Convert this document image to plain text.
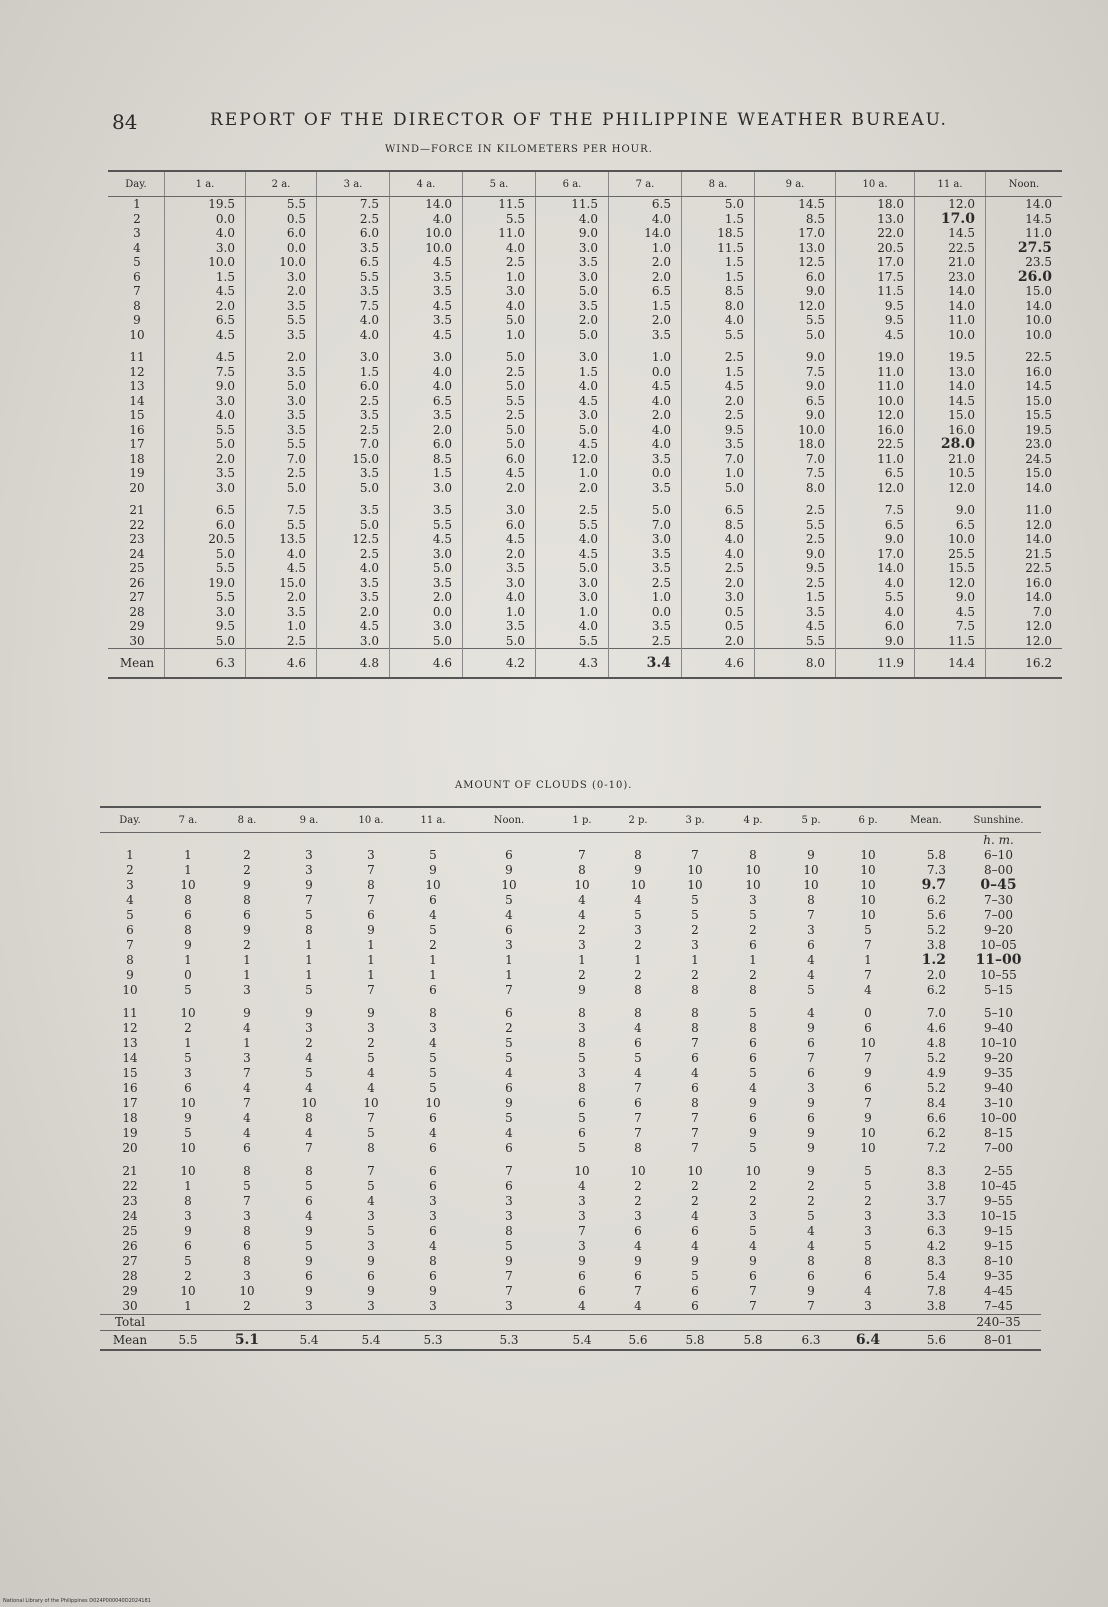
84	REPORT OF THE DIRECTOR OF THE PHILIPPINE WEATHER BUREAU.
WIND—FORCE IN KILOMETERS PER HOUR.
Day.	1 a.	2 a.	3 a.	4 a.	5 a.	6 a.	7 a.	8 a.	9 a.	10 a.	11 a.	Noon.
1	19.5	5.5	7.5	14.0	11.5	11.5	6.5	5.0	14.5	18.0	12.0	14.0
2	0.0	0.5	2.5	4.0	5.5	4.0	4.0	1.5	8.5	13.0	17.0	14.5
3	4.0	6.0	6.0	10.0	11.0	9.0	14.0	18.5	17.0	22.0	14.5	11.0
4	3.0	0.0	3.5	10.0	4.0	3.0	1.0	11.5	13.0	20.5	22.5	27.5
5	10.0	10.0	6.5	4.5	2.5	3.5	2.0	1.5	12.5	17.0	21.0	23.5
6	1.5	3.0	5.5	3.5	1.0	3.0	2.0	1.5	6.0	17.5	23.0	26.0
7	4.5	2.0	3.5	3.5	3.0	5.0	6.5	8.5	9.0	11.5	14.0	15.0
8	2.0	3.5	7.5	4.5	4.0	3.5	1.5	8.0	12.0	9.5	14.0	14.0
9	6.5	5.5	4.0	3.5	5.0	2.0	2.0	4.0	5.5	9.5	11.0	10.0
10	4.5	3.5	4.0	4.5	1.0	5.0	3.5	5.5	5.0	4.5	10.0	10.0
11	4.5	2.0	3.0	3.0	5.0	3.0	1.0	2.5	9.0	19.0	19.5	22.5
12	7.5	3.5	1.5	4.0	2.5	1.5	0.0	1.5	7.5	11.0	13.0	16.0
13	9.0	5.0	6.0	4.0	5.0	4.0	4.5	4.5	9.0	11.0	14.0	14.5
14	3.0	3.0	2.5	6.5	5.5	4.5	4.0	2.0	6.5	10.0	14.5	15.0
15	4.0	3.5	3.5	3.5	2.5	3.0	2.0	2.5	9.0	12.0	15.0	15.5
16	5.5	3.5	2.5	2.0	5.0	5.0	4.0	9.5	10.0	16.0	16.0	19.5
17	5.0	5.5	7.0	6.0	5.0	4.5	4.0	3.5	18.0	22.5	28.0	23.0
18	2.0	7.0	15.0	8.5	6.0	12.0	3.5	7.0	7.0	11.0	21.0	24.5
19	3.5	2.5	3.5	1.5	4.5	1.0	0.0	1.0	7.5	6.5	10.5	15.0
20	3.0	5.0	5.0	3.0	2.0	2.0	3.5	5.0	8.0	12.0	12.0	14.0
21	6.5	7.5	3.5	3.5	3.0	2.5	5.0	6.5	2.5	7.5	9.0	11.0
22	6.0	5.5	5.0	5.5	6.0	5.5	7.0	8.5	5.5	6.5	6.5	12.0
23	20.5	13.5	12.5	4.5	4.5	4.0	3.0	4.0	2.5	9.0	10.0	14.0
24	5.0	4.0	2.5	3.0	2.0	4.5	3.5	4.0	9.0	17.0	25.5	21.5
25	5.5	4.5	4.0	5.0	3.5	5.0	3.5	2.5	9.5	14.0	15.5	22.5
26	19.0	15.0	3.5	3.5	3.0	3.0	2.5	2.0	2.5	4.0	12.0	16.0
27	5.5	2.0	3.5	2.0	4.0	3.0	1.0	3.0	1.5	5.5	9.0	14.0
28	3.0	3.5	2.0	0.0	1.0	1.0	0.0	0.5	3.5	4.0	4.5	7.0
29	9.5	1.0	4.5	3.0	3.5	4.0	3.5	0.5	4.5	6.0	7.5	12.0
30	5.0	2.5	3.0	5.0	5.0	5.5	2.5	2.0	5.5	9.0	11.5	12.0
Mean	6.3	4.6	4.8	4.6	4.2	4.3	3.4	4.6	8.0	11.9	14.4	16.2
AMOUNT OF CLOUDS (0-10).
Day.	7 a.	8 a.	9 a.	10 a.	11 a.	Noon.	1 p.	2 p.	3 p.	4 p.	5 p.	6 p.	Mean.	Sunshine.
														h. m.
1	1	2	3	3	5	6	7	8	7	8	9	10	5.8	6–10
2	1	2	3	7	9	9	8	9	10	10	10	10	7.3	8–00
3	10	9	9	8	10	10	10	10	10	10	10	10	9.7	0–45
4	8	8	7	7	6	5	4	4	5	3	8	10	6.2	7–30
5	6	6	5	6	4	4	4	5	5	5	7	10	5.6	7–00
6	8	9	8	9	5	6	2	3	2	2	3	5	5.2	9–20
7	9	2	1	1	2	3	3	2	3	6	6	7	3.8	10–05
8	1	1	1	1	1	1	1	1	1	1	4	1	1.2	11–00
9	0	1	1	1	1	1	2	2	2	2	4	7	2.0	10–55
10	5	3	5	7	6	7	9	8	8	8	5	4	6.2	5–15
11	10	9	9	9	8	6	8	8	8	5	4	0	7.0	5–10
12	2	4	3	3	3	2	3	4	8	8	9	6	4.6	9–40
13	1	1	2	2	4	5	8	6	7	6	6	10	4.8	10–10
14	5	3	4	5	5	5	5	5	6	6	7	7	5.2	9–20
15	3	7	5	4	5	4	3	4	4	5	6	9	4.9	9–35
16	6	4	4	4	5	6	8	7	6	4	3	6	5.2	9–40
17	10	7	10	10	10	9	6	6	8	9	9	7	8.4	3–10
18	9	4	8	7	6	5	5	7	7	6	6	9	6.6	10–00
19	5	4	4	5	4	4	6	7	7	9	9	10	6.2	8–15
20	10	6	7	8	6	6	5	8	7	5	9	10	7.2	7–00
21	10	8	8	7	6	7	10	10	10	10	9	5	8.3	2–55
22	1	5	5	5	6	6	4	2	2	2	2	5	3.8	10–45
23	8	7	6	4	3	3	3	2	2	2	2	2	3.7	9–55
24	3	3	4	3	3	3	3	3	4	3	5	3	3.3	10–15
25	9	8	9	5	6	8	7	6	6	5	4	3	6.3	9–15
26	6	6	5	3	4	5	3	4	4	4	4	5	4.2	9–15
27	5	8	9	9	8	9	9	9	9	9	8	8	8.3	8–10
28	2	3	6	6	6	7	6	6	5	6	6	6	5.4	9–35
29	10	10	9	9	9	7	6	7	6	7	9	4	7.8	4–45
30	1	2	3	3	3	3	4	4	6	7	7	3	3.8	7–45
Total														240–35
Mean	5.5	5.1	5.4	5.4	5.3	5.3	5.4	5.6	5.8	5.8	6.3	6.4	5.6	8–01
National Library of the Philippines D024P000040D2024181
